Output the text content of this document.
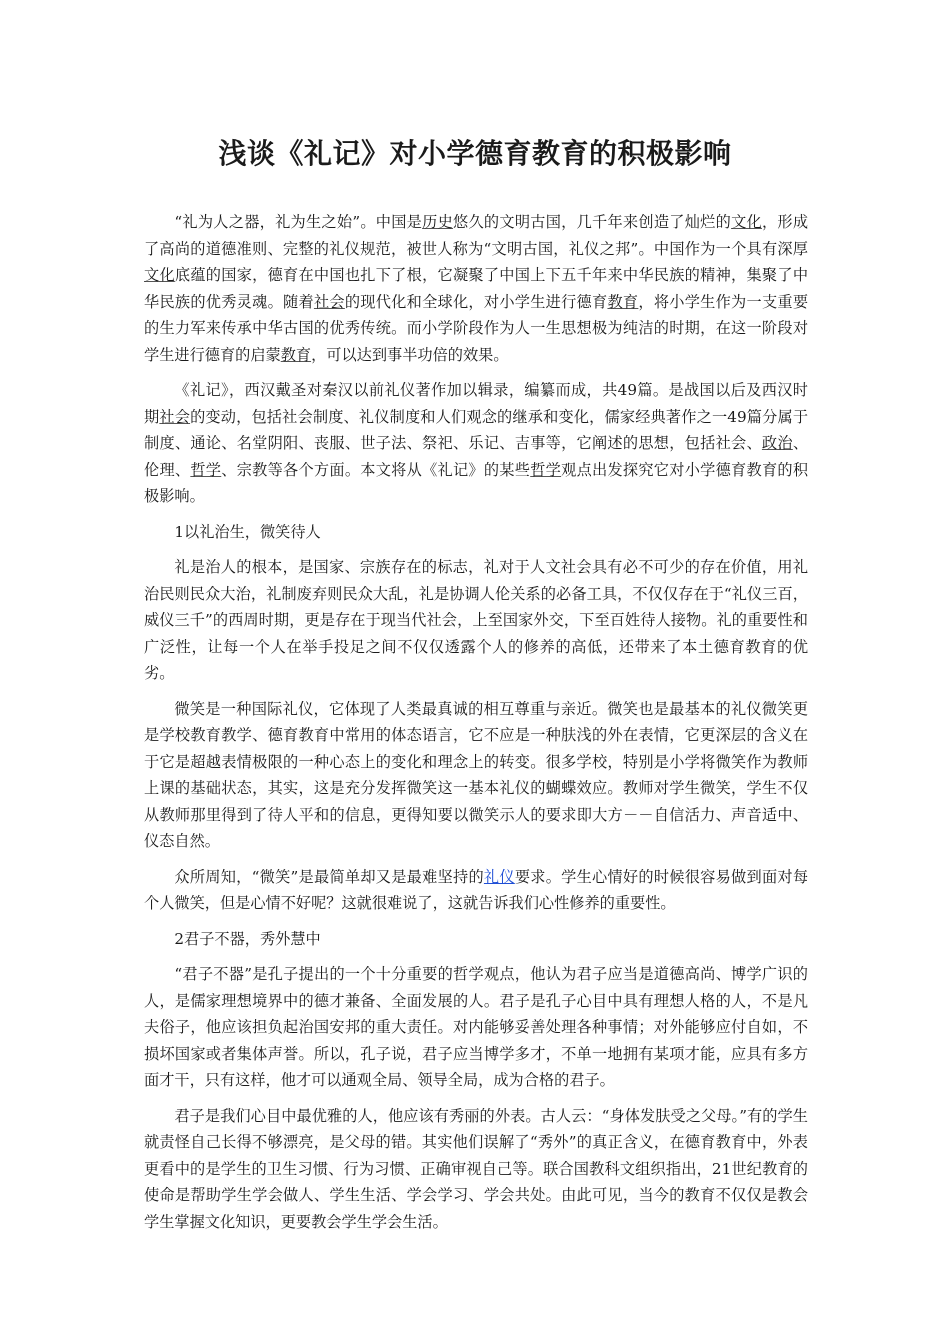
浅谈《礼记》对小学德育教育的积极影响

“礼为人之器，礼为生之始”。中国是历史悠久的文明古国，几千年来创造了灿烂的文化，形成了高尚的道德准则、完整的礼仪规范，被世人称为“文明古国，礼仪之邦”。中国作为一个具有深厚文化底蕴的国家，德育在中国也扎下了根，它凝聚了中国上下五千年来中华民族的精神，集聚了中华民族的优秀灵魂。随着社会的现代化和全球化，对小学生进行德育教育，将小学生作为一支重要的生力军来传承中华古国的优秀传统。而小学阶段作为人一生思想极为纯洁的时期，在这一阶段对学生进行德育的启蒙教育，可以达到事半功倍的效果。

《礼记》，西汉戴圣对秦汉以前礼仪著作加以辑录，编纂而成，共49篇。是战国以后及西汉时期社会的变动，包括社会制度、礼仪制度和人们观念的继承和变化，儒家经典著作之一49篇分属于制度、通论、名堂阴阳、丧服、世子法、祭祀、乐记、吉事等，它阐述的思想，包括社会、政治、伦理、哲学、宗教等各个方面。本文将从《礼记》的某些哲学观点出发探究它对小学德育教育的积极影响。

1以礼治生，微笑待人

礼是治人的根本，是国家、宗族存在的标志，礼对于人文社会具有必不可少的存在价值，用礼治民则民众大治，礼制废弃则民众大乱，礼是协调人伦关系的必备工具，不仅仅存在于“礼仪三百，威仪三千”的西周时期，更是存在于现当代社会，上至国家外交，下至百姓待人接物。礼的重要性和广泛性，让每一个人在举手投足之间不仅仅透露个人的修养的高低，还带来了本土德育教育的优劣。

微笑是一种国际礼仪，它体现了人类最真诚的相互尊重与亲近。微笑也是最基本的礼仪微笑更是学校教育教学、德育教育中常用的体态语言，它不应是一种肤浅的外在表情，它更深层的含义在于它是超越表情极限的一种心态上的变化和理念上的转变。很多学校，特别是小学将微笑作为教师上课的基础状态，其实，这是充分发挥微笑这一基本礼仪的蝴蝶效应。教师对学生微笑，学生不仅从教师那里得到了待人平和的信息，更得知要以微笑示人的要求即大方－－自信活力、声音适中、仪态自然。

众所周知，“微笑”是最简单却又是最难坚持的礼仪要求。学生心情好的时候很容易做到面对每个人微笑，但是心情不好呢？这就很难说了，这就告诉我们心性修养的重要性。

2君子不器，秀外慧中

“君子不器”是孔子提出的一个十分重要的哲学观点，他认为君子应当是道德高尚、博学广识的人，是儒家理想境界中的德才兼备、全面发展的人。君子是孔子心目中具有理想人格的人，不是凡夫俗子，他应该担负起治国安邦的重大责任。对内能够妥善处理各种事情；对外能够应付自如，不损坏国家或者集体声誉。所以，孔子说，君子应当博学多才，不单一地拥有某项才能，应具有多方面才干，只有这样，他才可以通观全局、领导全局，成为合格的君子。

君子是我们心目中最优雅的人，他应该有秀丽的外表。古人云：“身体发肤受之父母。”有的学生就责怪自己长得不够漂亮，是父母的错。其实他们误解了“秀外”的真正含义，在德育教育中，外表更看中的是学生的卫生习惯、行为习惯、正确审视自己等。联合国教科文组织指出，21世纪教育的使命是帮助学生学会做人、学生生活、学会学习、学会共处。由此可见，当今的教育不仅仅是教会学生掌握文化知识，更要教会学生学会生活。
